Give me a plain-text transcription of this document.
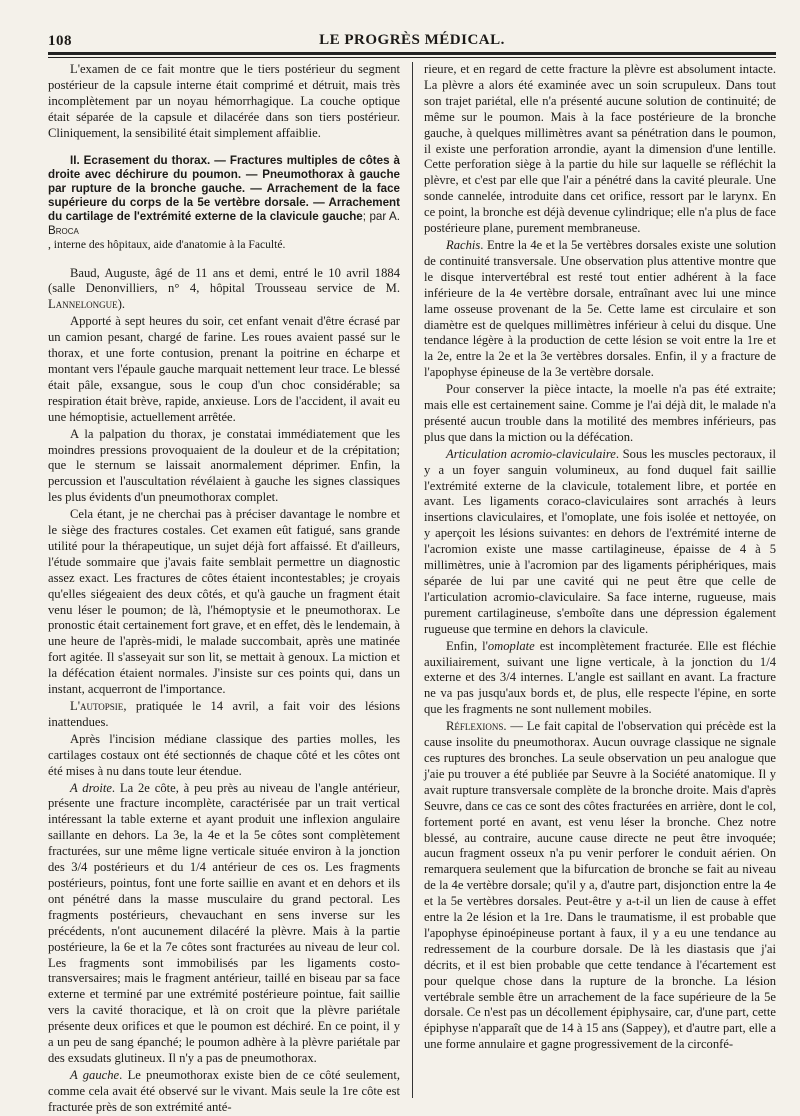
108	LE PROGRÈS MÉDICAL.

L'examen de ce fait montre que le tiers postérieur du segment postérieur de la capsule interne était comprimé et détruit, mais très incomplètement par un noyau hémorrhagique. La couche optique était séparée de la capsule et dilacérée dans son tiers postérieur. Cliniquement, la sensibilité était simplement affaiblie.

II. Ecrasement du thorax. — Fractures multiples de côtes à droite avec déchirure du poumon. — Pneumothorax à gauche par rupture de la bronche gauche. — Arrachement de la face supérieure du corps de la 5e vertèbre dorsale. — Arrachement du cartilage de l'extrémité externe de la clavicule gauche; par A. Broca

, interne des hôpitaux, aide d'anatomie à la Faculté.

Baud, Auguste, âgé de 11 ans et demi, entré le 10 avril 1884 (salle Denonvilliers, n° 4, hôpital Trousseau service de M. Lannelongue).

Apporté à sept heures du soir, cet enfant venait d'être écrasé par un camion pesant, chargé de farine. Les roues avaient passé sur le thorax, et une forte contusion, prenant la poitrine en écharpe et montant vers l'épaule gauche marquait nettement leur trace. Le blessé était pâle, exsangue, sous le coup d'un choc considérable; sa respiration était brève, rapide, anxieuse. Lors de l'accident, il avait eu une hémoptisie, actuellement arrêtée.

A la palpation du thorax, je constatai immédiatement que les moindres pressions provoquaient de la douleur et de la crépitation; que le sternum se laissait anormalement déprimer. Enfin, la percussion et l'auscultation révélaient à gauche les signes classiques les plus évidents d'un pneumothorax complet.

Cela étant, je ne cherchai pas à préciser davantage le nombre et le siège des fractures costales. Cet examen eût fatigué, sans grande utilité pour la thérapeutique, un sujet déjà fort affaissé. Et d'ailleurs, l'étude sommaire que j'avais faite semblait permettre un diagnostic assez exact. Les fractures de côtes étaient incontestables; je croyais qu'elles siégeaient des deux côtés, et qu'à gauche un fragment était venu léser le poumon; de là, l'hémoptysie et le pneumothorax. Le pronostic était certainement fort grave, et en effet, dès le lendemain, à une heure de l'après-midi, le malade succombait, après une matinée fort agitée. Il s'asseyait sur son lit, se mettait à genoux. La miction et la défécation étaient normales. J'insiste sur ces points qui, dans un instant, acquerront de l'importance.

L'autopsie, pratiquée le 14 avril, a fait voir des lésions inattendues.

Après l'incision médiane classique des parties molles, les cartilages costaux ont été sectionnés de chaque côté et les côtes ont été mises à nu dans toute leur étendue.

A droite. La 2e côte, à peu près au niveau de l'angle antérieur, présente une fracture incomplète, caractérisée par un trait vertical intéressant la table externe et ayant produit une inflexion angulaire saillante en dehors. La 3e, la 4e et la 5e côtes sont complètement fracturées, sur une même ligne verticale située environ à la jonction des 3/4 postérieurs et du 1/4 antérieur de ces os. Les fragments postérieurs, pointus, font une forte saillie en avant et en dehors et ils ont pénétré dans la masse musculaire du grand pectoral. Les fragments postérieurs, chevauchant en sens inverse sur les précédents, n'ont aucunement dilacéré la plèvre. Mais à la partie postérieure, la 6e et la 7e côtes sont fracturées au niveau de leur col. Les fragments sont immobilisés par les ligaments costo-transversaires; mais le fragment antérieur, taillé en biseau par sa face externe et terminé par une extrémité postérieure pointue, fait saillie vers la cavité thoracique, et là on croit que la plèvre pariétale présente deux orifices et que le poumon est déchiré. En ce point, il y a un peu de sang épanché; le poumon adhère à la plèvre pariétale par des exsudats glutineux. Il n'y a pas de pneumothorax.

A gauche. Le pneumothorax existe bien de ce côté seulement, comme cela avait été observé sur le vivant. Mais seule la 1re côte est fracturée près de son extrémité anté-

rieure, et en regard de cette fracture la plèvre est absolument intacte. La plèvre a alors été examinée avec un soin scrupuleux. Dans tout son trajet pariétal, elle n'a présenté aucune solution de continuité; de même sur le poumon. Mais à la face postérieure de la bronche gauche, à quelques millimètres avant sa pénétration dans le poumon, il existe une perforation arrondie, ayant la dimension d'une lentille. Cette perforation siège à la partie du hile sur laquelle se réfléchit la plèvre, et c'est par elle que l'air a pénétré dans la cavité pleurale. Une sonde cannelée, introduite dans cet orifice, ressort par le larynx. En ce point, la bronche est déjà devenue cylindrique; elle n'a plus de face postérieure plane, purement membraneuse.

Rachis. Entre la 4e et la 5e vertèbres dorsales existe une solution de continuité transversale. Une observation plus attentive montre que le disque intervertébral est resté tout entier adhérent à la face inférieure de la 4e vertèbre dorsale, entraînant avec lui une mince lame osseuse provenant de la 5e. Cette lame est circulaire et son diamètre est de quelques millimètres inférieur à celui du disque. Une tendance légère à la production de cette lésion se voit entre la 1re et la 2e, entre la 2e et la 3e vertèbres dorsales. Enfin, il y a fracture de l'apophyse épineuse de la 3e vertèbre dorsale.

Pour conserver la pièce intacte, la moelle n'a pas été extraite; mais elle est certainement saine. Comme je l'ai déjà dit, le malade n'a présenté aucun trouble dans la motilité des membres inférieurs, pas plus que dans la miction ou la défécation.

Articulation acromio-claviculaire. Sous les muscles pectoraux, il y a un foyer sanguin volumineux, au fond duquel fait saillie l'extrémité externe de la clavicule, totalement libre, et portée en avant. Les ligaments coraco-claviculaires sont arrachés à leurs insertions claviculaires, et l'omoplate, une fois isolée et nettoyée, on y aperçoit les lésions suivantes: en dehors de l'extrémité interne de l'acromion existe une masse cartilagineuse, épaisse de 4 à 5 millimètres, unie à l'acromion par des ligaments périphériques, mais séparée de lui par une cavité qui ne peut être que celle de l'articulation acromio-claviculaire. Sa face interne, rugueuse, mais purement cartilagineuse, s'emboîte dans une dépression également rugueuse que termine en dehors la clavicule.

Enfin, l'omoplate est incomplètement fracturée. Elle est fléchie auxiliairement, suivant une ligne verticale, à la jonction du 1/4 externe et des 3/4 internes. L'angle est saillant en avant. La fracture ne va pas jusqu'aux bords et, de plus, elle respecte l'épine, en sorte que les fragments ne sont nullement mobiles.

Réflexions. — Le fait capital de l'observation qui précède est la cause insolite du pneumothorax. Aucun ouvrage classique ne signale ces ruptures des bronches. La seule observation un peu analogue que j'aie pu trouver a été publiée par Seuvre à la Société anatomique. Il y avait rupture transversale complète de la bronche droite. Mais d'après Seuvre, dans ce cas ce sont des côtes fracturées en arrière, dont le col, fortement porté en avant, est venu léser la bronche. Chez notre blessé, au contraire, aucune cause directe ne peut être invoquée; aucun fragment osseux n'a pu venir perforer le conduit aérien. On remarquera seulement que la bifurcation de bronche se fait au niveau de la 4e vertèbre dorsale; qu'il y a, d'autre part, disjonction entre la 4e et la 5e vertèbres dorsales. Peut-être y a-t-il un lien de cause à effet entre la 2e lésion et la 1re. Dans le traumatisme, il est probable que l'apophyse épinoépineuse portant à faux, il y a eu une tendance au redressement de la courbure dorsale. De là les diastasis que j'ai décrits, et il est bien probable que cette tendance à l'écartement est pour quelque chose dans la rupture de la bronche. La lésion vertébrale semble être un arrachement de la face supérieure de la 5e dorsale. Ce n'est pas un décollement épiphysaire, car, d'une part, cette épiphyse n'apparaît que de 14 à 15 ans (Sappey), et d'autre part, elle a une forme annulaire et gagne progressivement de la circonfé-
